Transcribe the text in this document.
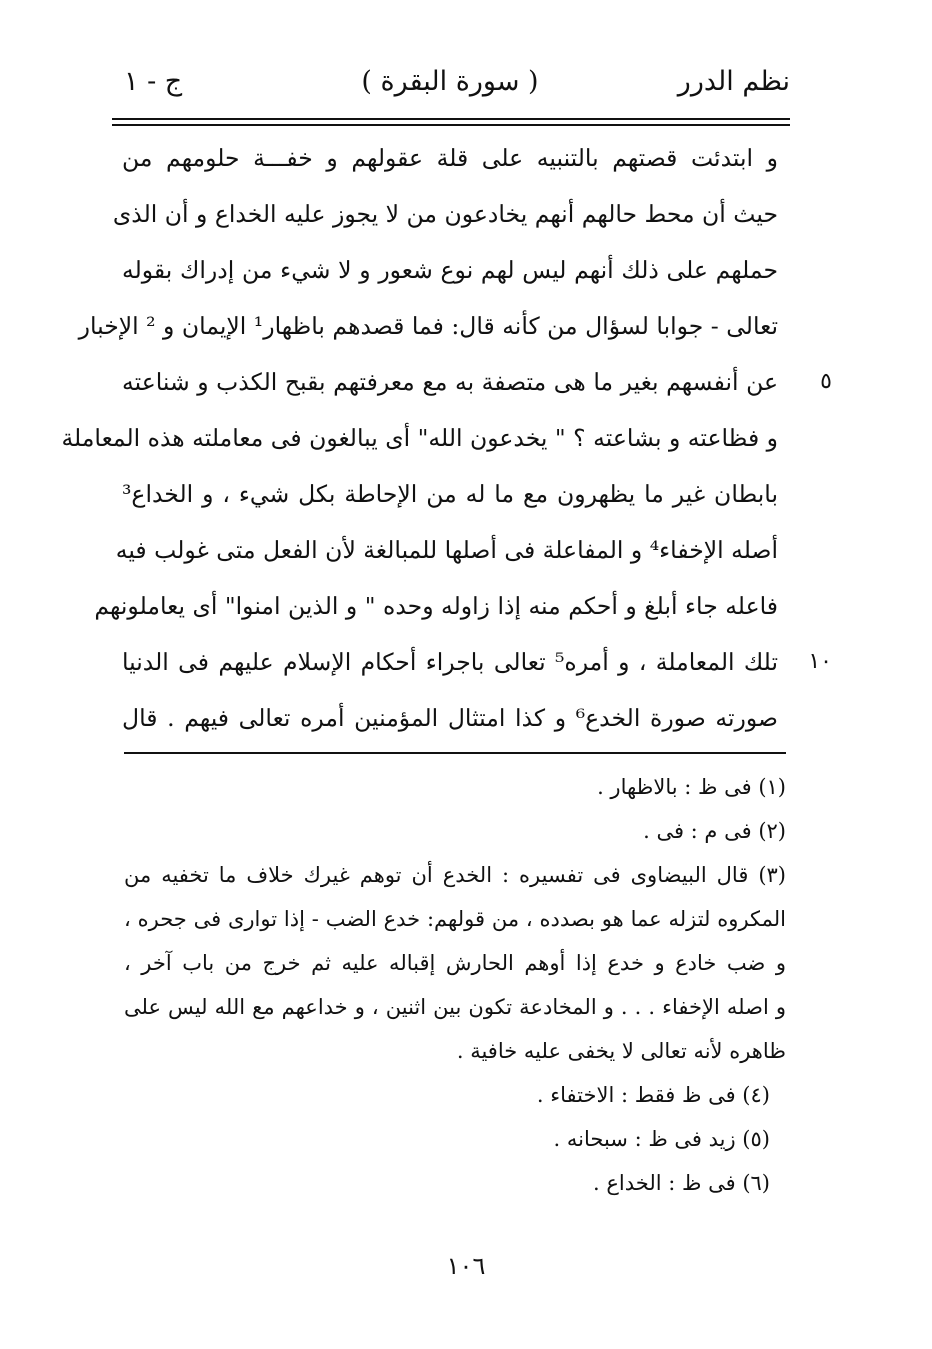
نظم الدرر
( سورة البقرة )
ج - ١
و ابتدئت قصتهم بالتنبيه على قلة عقولهم و خفـــة حلومهم من
حيث أن محط حالهم أنهم يخادعون من لا يجوز عليه الخداع و أن الذى
حملهم على ذلك أنهم ليس لهم نوع شعور و لا شيء من إدراك بقوله
تعالى - جوابا لسؤال من كأنه قال: فما قصدهم باظهار¹ الإيمان و ² الإخبار
٥
عن أنفسهم بغير ما هى متصفة به مع معرفتهم بقبح الكذب و شناعته
و فظاعته و بشاعته ؟ " يخدعون الله" أى يبالغون فى معاملته هذه المعاملة
بابطان غير ما يظهرون مع ما له من الإحاطة بكل شيء ، و الخداع³
أصله الإخفاء⁴ و المفاعلة فى أصلها للمبالغة لأن الفعل متى غولب فيه
فاعله جاء أبلغ و أحكم منه إذا زاوله وحده " و الذين امنوا" أى يعاملونهم
١٠
تلك المعاملة ، و أمره⁵ تعالى باجراء أحكام الإسلام عليهم فى الدنيا
صورته صورة الخدع⁶ و كذا امتثال المؤمنين أمره تعالى فيهم . قال
(١) فى ظ : بالاظهار .
(٢) فى م : فى .
(٣) قال البيضاوى فى تفسيره : الخدع أن توهم غيرك خلاف ما تخفيه من
المكروه لتزله عما هو بصدده ، من قولهم: خدع الضب - إذا توارى فى جحره ،
و ضب خادع و خدع إذا أوهم الحارش إقباله عليه ثم خرج من باب آخر ،
و اصله الإخفاء . . . و المخادعة تكون بين اثنين ، و خداعهم مع الله ليس على
ظاهره لأنه تعالى لا يخفى عليه خافية .
(٤) فى ظ فقط : الاختفاء .
(٥) زيد فى ظ : سبحانه .
(٦) فى ظ : الخداع .
١٠٦
